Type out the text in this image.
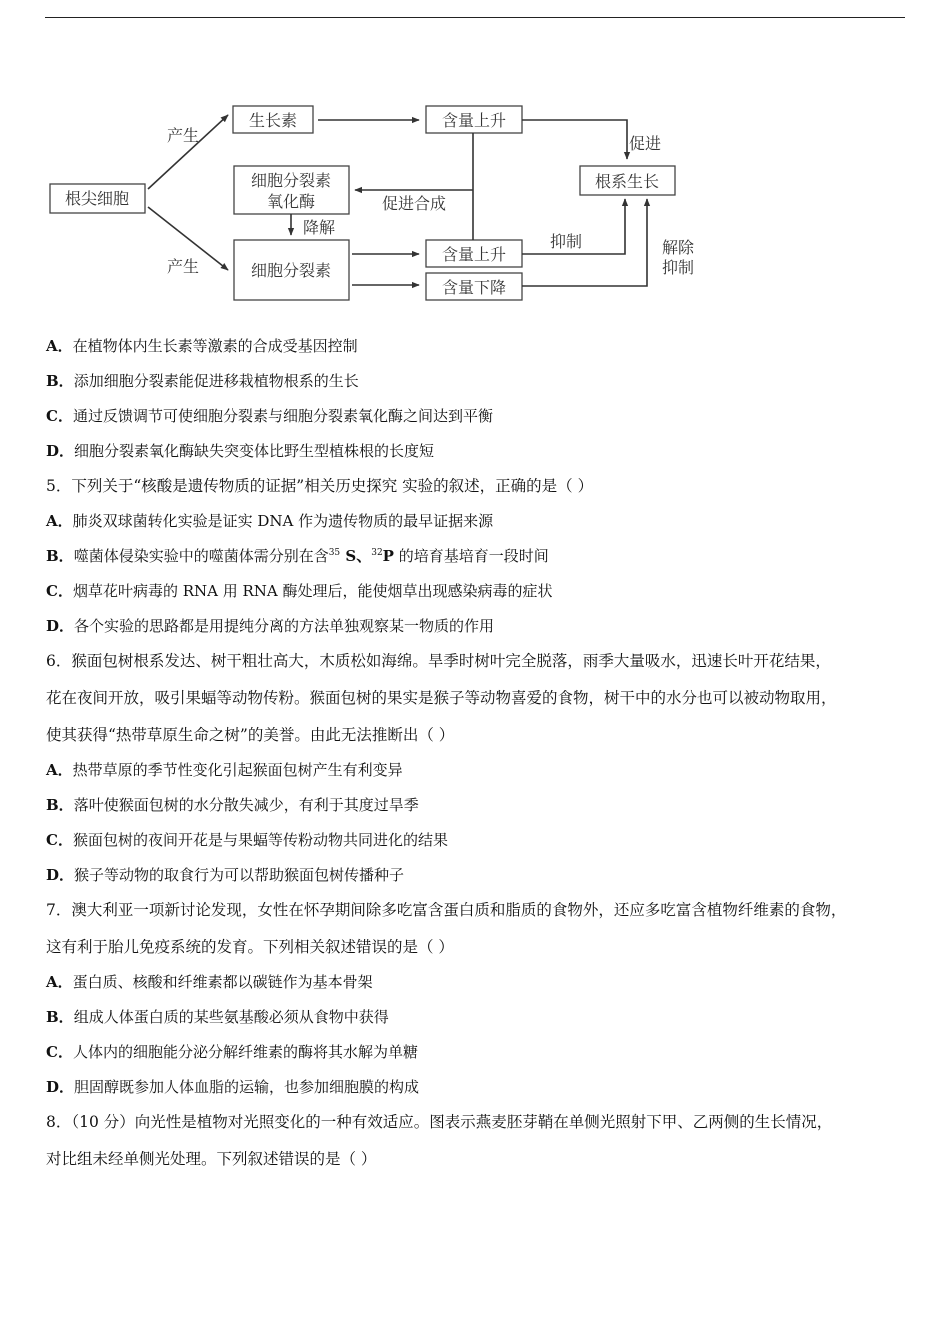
根尖细胞
产生
产生
生长素	含量上升
促进
根系生长
细胞分裂素
氧化酶	促进合成
降解
细胞分裂素
含量上升
抑制
含量下降
解除
抑制
A．在植物体内生长素等激素的合成受基因控制
B．添加细胞分裂素能促进移栽植物根系的生长
C．通过反馈调节可使细胞分裂素与细胞分裂素氧化酶之间达到平衡
D．细胞分裂素氧化酶缺失突变体比野生型植株根的长度短
5．下列关于“核酸是遗传物质的证据”相关历史探究 实验的叙述，正确的是（ ）
A．肺炎双球菌转化实验是证实 DNA 作为遗传物质的最早证据来源
B．噬菌体侵染实验中的噬菌体需分别在含$^{35}$ S、$^{32}$P 的培育基培育一段时间
C．烟草花叶病毒的 RNA 用 RNA 酶处理后，能使烟草出现感染病毒的症状
D．各个实验的思路都是用提纯分离的方法单独观察某一物质的作用
6．猴面包树根系发达、树干粗壮高大，木质松如海绵。旱季时树叶完全脱落，雨季大量吸水，迅速长叶开花结果，
花在夜间开放，吸引果蝠等动物传粉。猴面包树的果实是猴子等动物喜爱的食物，树干中的水分也可以被动物取用，
使其获得“热带草原生命之树”的美誉。由此无法推断出（ ）
A．热带草原的季节性变化引起猴面包树产生有利变异
B．落叶使猴面包树的水分散失减少，有利于其度过旱季
C．猴面包树的夜间开花是与果蝠等传粉动物共同进化的结果
D．猴子等动物的取食行为可以帮助猴面包树传播种子
7．澳大利亚一项新讨论发现，女性在怀孕期间除多吃富含蛋白质和脂质的食物外，还应多吃富含植物纤维素的食物，
这有利于胎儿免疫系统的发育。下列相关叙述错误的是（ ）
A．蛋白质、核酸和纤维素都以碳链作为基本骨架
B．组成人体蛋白质的某些氨基酸必须从食物中获得
C．人体内的细胞能分泌分解纤维素的酶将其水解为单糖
D．胆固醇既参加人体血脂的运输，也参加细胞膜的构成
8．（10 分）向光性是植物对光照变化的一种有效适应。图表示燕麦胚芽鞘在单侧光照射下甲、乙两侧的生长情况，
对比组未经单侧光处理。下列叙述错误的是（ ）
